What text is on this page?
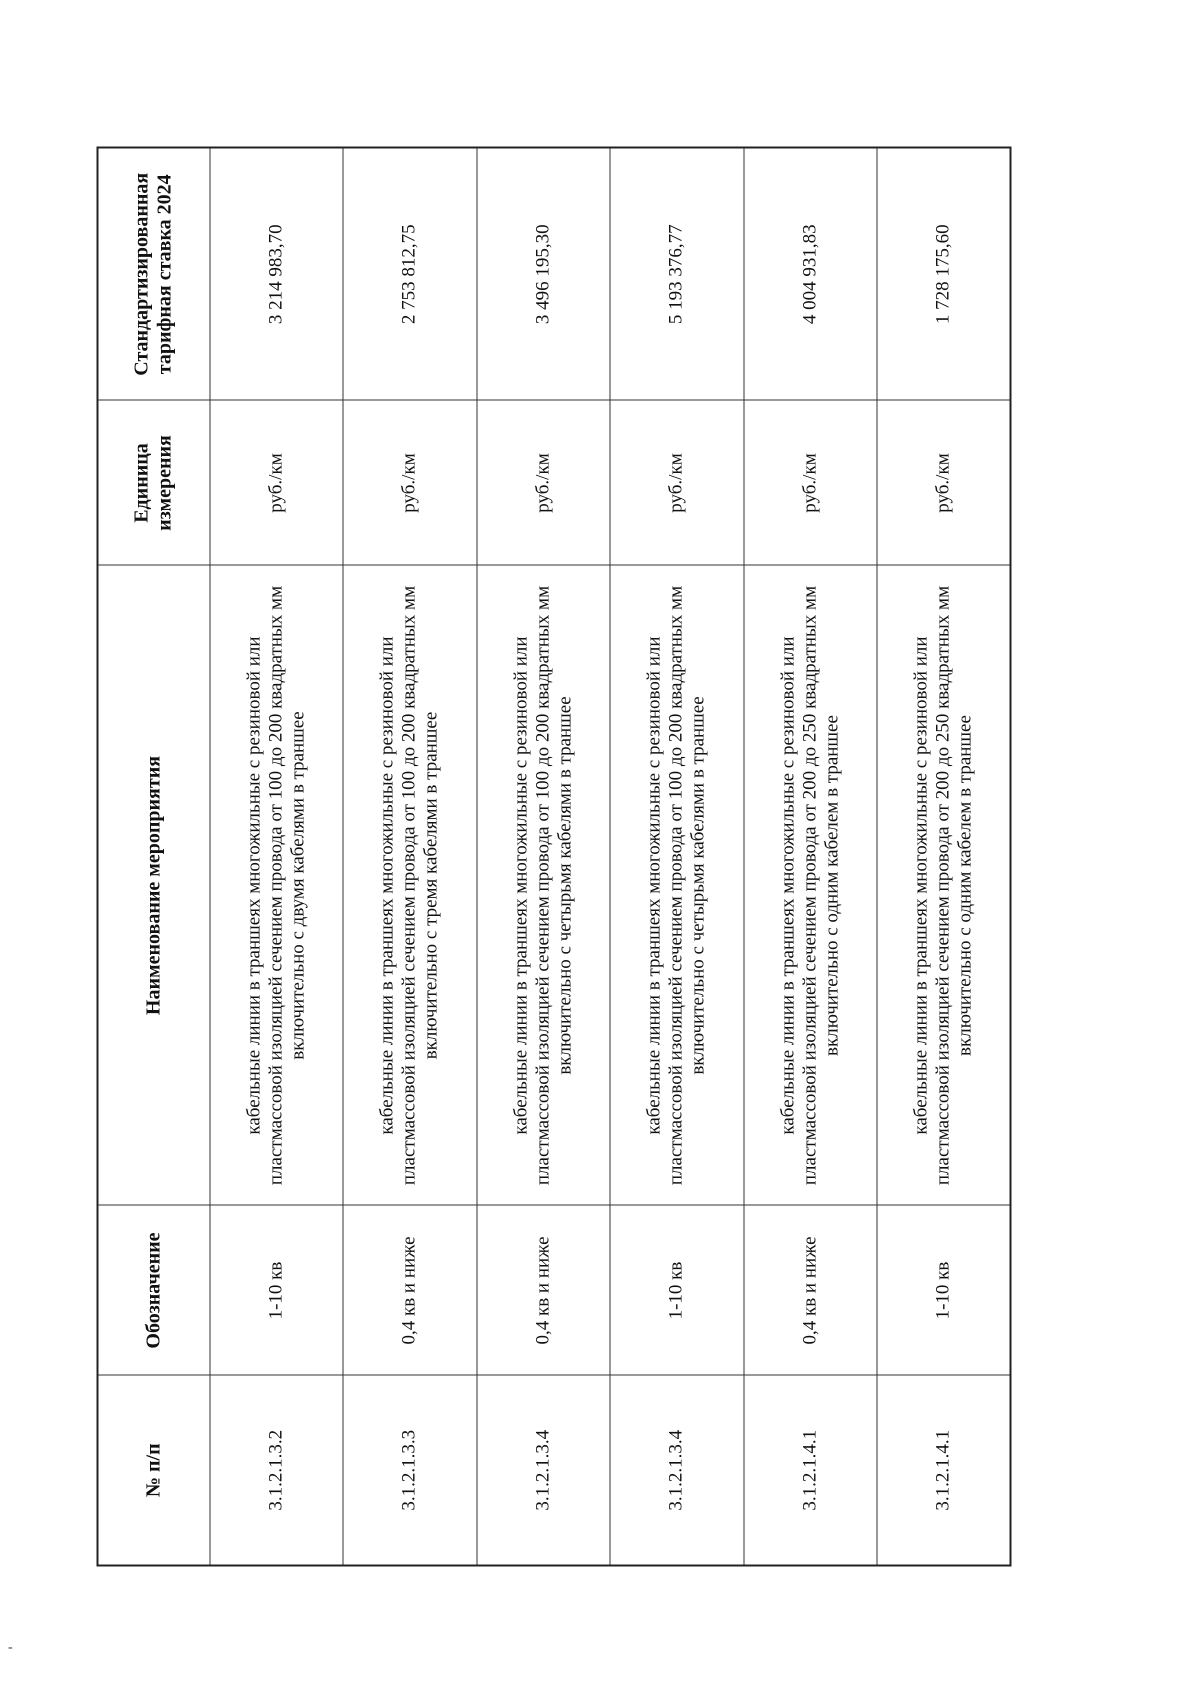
№ п/п	Обозначение	Наименование мероприятия	Единица измерения	Стандартизированная тарифная ставка 2024
3.1.2.1.3.2	1-10 кв	кабельные линии в траншеях многожильные с резиновой или пластмассовой изоляцией сечением провода от 100 до 200 квадратных мм включительно с двумя кабелями в траншее	руб./км	3 214 983,70
3.1.2.1.3.3	0,4 кв и ниже	кабельные линии в траншеях многожильные с резиновой или пластмассовой изоляцией сечением провода от 100 до 200 квадратных мм включительно с тремя кабелями в траншее	руб./км	2 753 812,75
3.1.2.1.3.4	0,4 кв и ниже	кабельные линии в траншеях многожильные с резиновой или пластмассовой изоляцией сечением провода от 100 до 200 квадратных мм включительно с четырьмя кабелями в траншее	руб./км	3 496 195,30
3.1.2.1.3.4	1-10 кв	кабельные линии в траншеях многожильные с резиновой или пластмассовой изоляцией сечением провода от 100 до 200 квадратных мм включительно с четырьмя кабелями в траншее	руб./км	5 193 376,77
3.1.2.1.4.1	0,4 кв и ниже	кабельные линии в траншеях многожильные с резиновой или пластмассовой изоляцией сечением провода от 200 до 250 квадратных мм включительно с одним кабелем в траншее	руб./км	4 004 931,83
3.1.2.1.4.1	1-10 кв	кабельные линии в траншеях многожильные с резиновой или пластмассовой изоляцией сечением провода от 200 до 250 квадратных мм включительно с одним кабелем в траншее	руб./км	1 728 175,60
-
